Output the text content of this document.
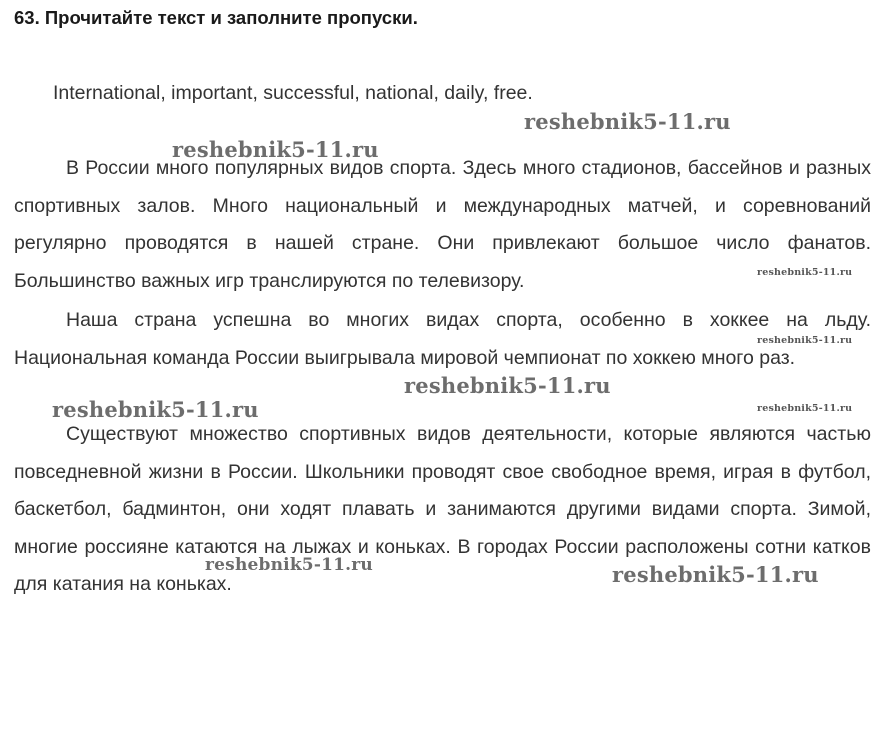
63. Прочитайте текст и заполните пропуски.
International, important, successful, national, daily, free.

В России много популярных видов спорта. Здесь много стадионов, бассейнов и разных спортивных залов. Много национальный и международных матчей, и соревнований регулярно проводятся в нашей стране. Они привлекают большое число фанатов. Большинство важных игр транслируются по телевизору.

Наша страна успешна во многих видах спорта, особенно в хоккее на льду. Национальная команда России выигрывала мировой чемпионат по хоккею много раз.

Существуют множество спортивных видов деятельности, которые являются частью повседневной жизни в России. Школьники проводят свое свободное время, играя в футбол, баскетбол, бадминтон, они ходят плавать и занимаются другими видами спорта. Зимой, многие россияне катаются на лыжах и коньках. В городах России расположены сотни катков для катания на коньках.

reshebnik5-11.ru
reshebnik5-11.ru
reshebnik5-11.ru
reshebnik5-11.ru
reshebnik5-11.ru
reshebnik5-11.ru	reshebnik5-11.ru
reshebnik5-11.ru	reshebnik5-11.ru
